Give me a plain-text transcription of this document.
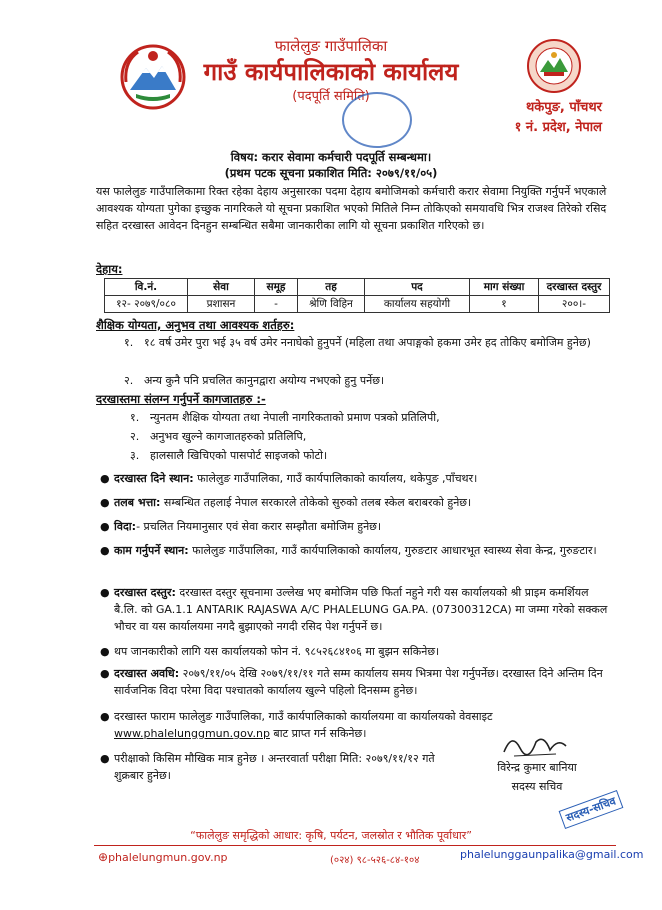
फालेलुङ गाउँपालिका
गाउँ कार्यपालिकाको कार्यालय
(पदपूर्ति समिति)
थकेपुङ, पाँचथर
१ नं. प्रदेश, नेपाल
विषय: करार सेवामा कर्मचारी पदपूर्ति सम्बन्धमा।
(प्रथम पटक सूचना प्रकाशित मिति: २०७९/११/०५)
यस फालेलुङ गाउँपालिकामा रिक्त रहेका देहाय अनुसारका पदमा देहाय बमोजिमको कर्मचारी करार सेवामा नियुक्ति गर्नुपर्ने भएकाले आवश्यक योग्यता पुगेका इच्छुक नागरिकले यो सूचना प्रकाशित भएको मितिले निम्न तोकिएको समयावधि भित्र राजश्व तिरेको रसिद सहित दरखास्त आवेदन दिनहुन सम्बन्धित सबैमा जानकारीका लागि यो सूचना प्रकाशित गरिएको छ।
देहाय:
वि.नं.	सेवा	समूह	तह	पद	माग संख्या	दरखास्त दस्तुर
१२- २०७९/०८०	प्रशासन	-	श्रेणि विहिन	कार्यालय सहयोगी	१	२००।-
शैक्षिक योग्यता, अनुभव तथा आवश्यक शर्तहरु:
१. १८ वर्ष उमेर पुरा भई ३५ वर्ष उमेर ननाघेको हुनुपर्ने (महिला तथा अपाङ्गको हकमा उमेर हद तोकिए बमोजिम हुनेछ)
२. अन्य कुनै पनि प्रचलित कानुनद्वारा अयोग्य नभएको हुनु पर्नेछ।
दरखास्तमा संलग्न गर्नुपर्ने कागजातहरु :-
१. न्युनतम शैक्षिक योग्यता तथा नेपाली नागरिकताको प्रमाण पत्रको प्रतिलिपी,
२. अनुभव खुल्ने कागजातहरुको प्रतिलिपि,
३. हालसालै खिचिएको पासपोर्ट साइजको फोटो।
● दरखास्त दिने स्थान: फालेलुङ गाउँपालिका, गाउँ कार्यपालिकाको कार्यालय, थकेपुङ ,पाँचथर।
● तलब भत्ता: सम्बन्धित तहलाई नेपाल सरकारले तोकेको सुरुको तलब स्केल बराबरको हुनेछ।
● विदा:- प्रचलित नियमानुसार एवं सेवा करार सम्झौता बमोजिम हुनेछ।
● काम गर्नुपर्ने स्थान: फालेलुङ गाउँपालिका, गाउँ कार्यपालिकाको कार्यालय, गुरुङटार आधारभूत स्वास्थ्य सेवा केन्द्र, गुरुङटार।
● दरखास्त दस्तुर: दरखास्त दस्तुर सूचनामा उल्लेख भए बमोजिम पछि फिर्ता नहुने गरी यस कार्यालयको श्री प्राइम कमर्शियल बै.लि. को GA.1.1 ANTARIK RAJASWA A/C PHALELUNG GA.PA. (07300312CA) मा जम्मा गरेको सक्कल भौचर वा यस कार्यालयमा नगदै बुझाएको नगदी रसिद पेश गर्नुपर्ने छ।
● थप जानकारीको लागि यस कार्यालयको फोन नं. ९८५२६८४१०६ मा बुझन सकिनेछ।
● दरखास्त अवधि: २०७९/११/०५ देखि २०७९/११/११ गते सम्म कार्यालय समय भित्रमा पेश गर्नुपर्नेछ। दरखास्त दिने अन्तिम दिन सार्वजनिक विदा परेमा विदा पश्चातको कार्यालय खुल्ने पहिलो दिनसम्म हुनेछ।
● दरखास्त फाराम फालेलुङ गाउँपालिका, गाउँ कार्यपालिकाको कार्यालयमा वा कार्यालयको वेवसाइट www.phalelunggmun.gov.np बाट प्राप्त गर्न सकिनेछ।
● परीक्षाको किसिम मौखिक मात्र हुनेछ । अन्तरवार्ता परीक्षा मिति: २०७९/११/१२ गते शुक्रबार हुनेछ।
विरेन्द्र कुमार बानिया
सदस्य सचिव
सदस्य-सचिव
“फालेलुङ समृद्धिको आधार: कृषि, पर्यटन, जलस्रोत र भौतिक पूर्वाधार”
⊕phalelungmun.gov.np	(०२४) ९८-५२६-८४-१०४	phalelunggaunpalika@gmail.com
